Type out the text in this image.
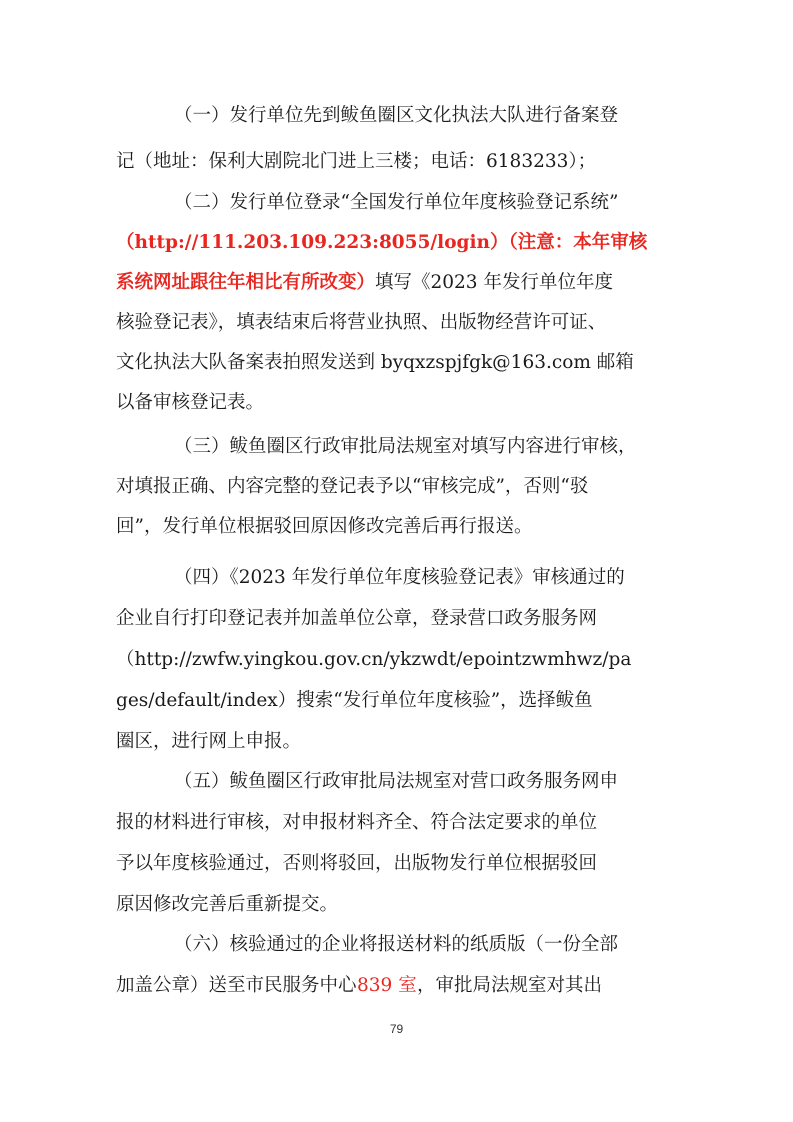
（一）发行单位先到鲅鱼圈区文化执法大队进行备案登
记（地址：保利大剧院北门进上三楼；电话：6183233）；
（二）发行单位登录“全国发行单位年度核验登记系统”
（http://111.203.109.223:8055/login）（注意：本年审核
系统网址跟往年相比有所改变） 填写《2023 年发行单位年度
核验登记表》，填表结束后将营业执照、出版物经营许可证、
文化执法大队备案表拍照发送到 byqxzspjfgk@163.com 邮箱
以备审核登记表。
（三）鲅鱼圈区行政审批局法规室对填写内容进行审核，
对填报正确、内容完整的登记表予以“审核完成”，否则“驳
回”，发行单位根据驳回原因修改完善后再行报送。
（四）《2023 年发行单位年度核验登记表》审核通过的
企业自行打印登记表并加盖单位公章，登录营口政务服务网
（http://zwfw.yingkou.gov.cn/ykzwdt/epointzwmhwz/pa
ges/default/index）搜索“发行单位年度核验”，选择鲅鱼
圈区，进行网上申报。
（五）鲅鱼圈区行政审批局法规室对营口政务服务网申
报的材料进行审核，对申报材料齐全、符合法定要求的单位
予以年度核验通过，否则将驳回，出版物发行单位根据驳回
原因修改完善后重新提交。
（六）核验通过的企业将报送材料的纸质版（一份全部
加盖公章）送至市民服务中心 839 室 ，审批局法规室对其出
79
